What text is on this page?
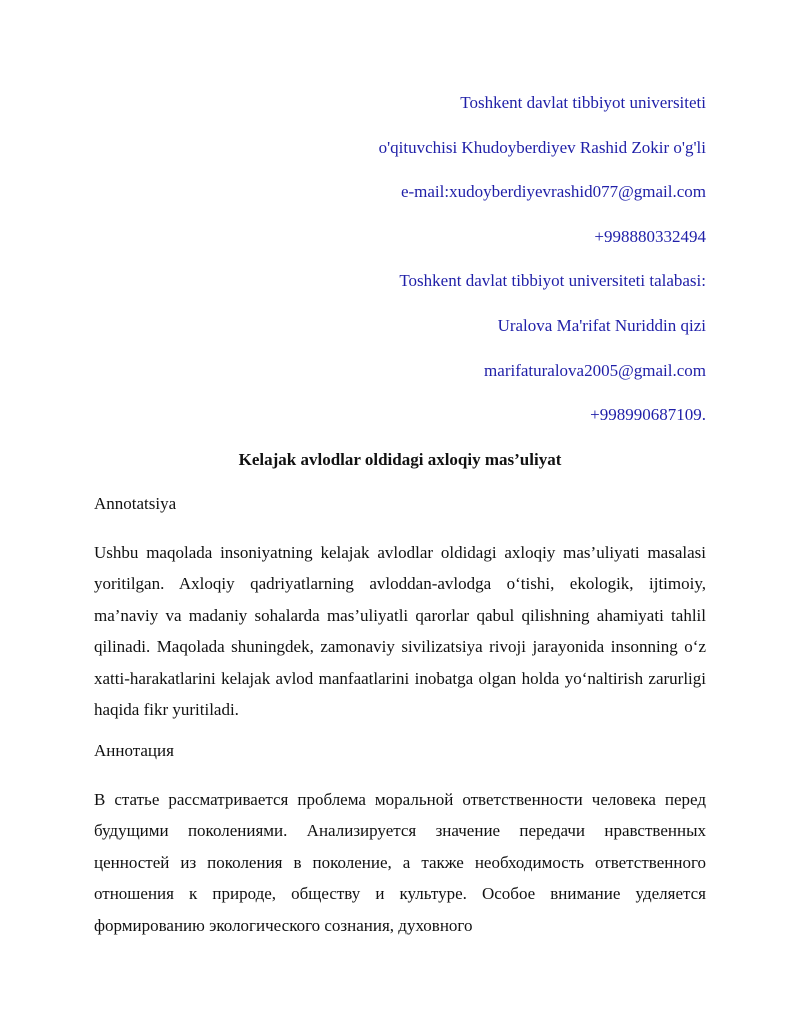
Toshkent davlat tibbiyot universiteti

o'qituvchisi Khudoyberdiyev Rashid Zokir o'g'li

e-mail:xudoyberdiyevrashid077@gmail.com

+998880332494

Toshkent davlat tibbiyot universiteti talabasi:

Uralova Ma'rifat Nuriddin qizi

marifaturalova2005@gmail.com

+998990687109.

Kelajak avlodlar oldidagi axloqiy mas’uliyat

Annotatsiya

Ushbu maqolada insoniyatning kelajak avlodlar oldidagi axloqiy mas’uliyati masalasi yoritilgan. Axloqiy qadriyatlarning avloddan-avlodga o‘tishi, ekologik, ijtimoiy, ma’naviy va madaniy sohalarda mas’uliyatli qarorlar qabul qilishning ahamiyati tahlil qilinadi. Maqolada shuningdek, zamonaviy sivilizatsiya rivoji jarayonida insonning o‘z xatti-harakatlarini kelajak avlod manfaatlarini inobatga olgan holda yo‘naltirish zarurligi haqida fikr yuritiladi.

Аннотация

В статье рассматривается проблема моральной ответственности человека перед будущими поколениями. Анализируется значение передачи нравственных ценностей из поколения в поколение, а также необходимость ответственного отношения к природе, обществу и культуре. Особое внимание уделяется формированию экологического сознания, духовного
